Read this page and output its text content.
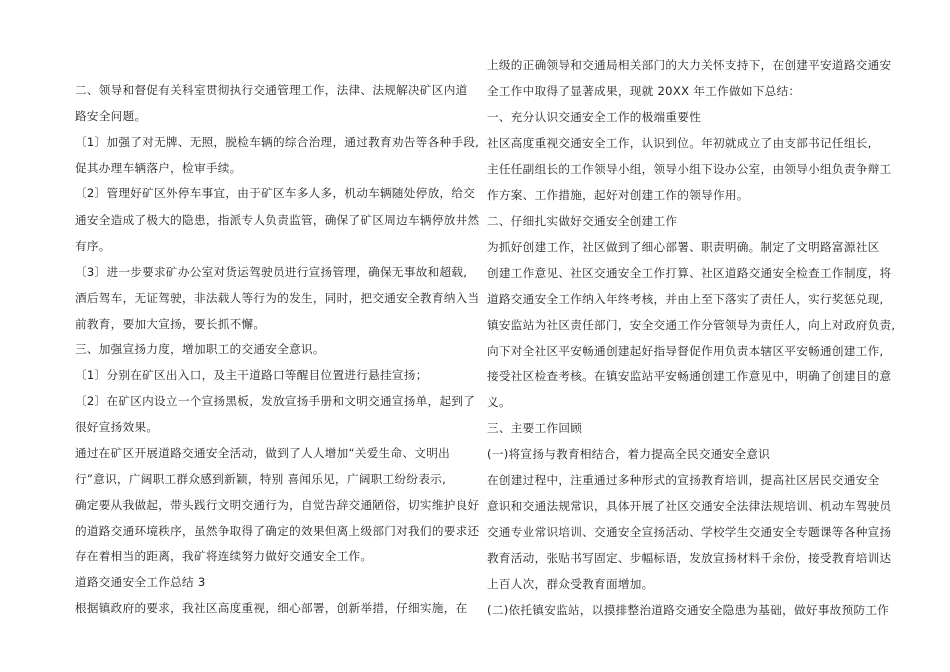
二、领导和督促有关科室贯彻执行交通管理工作，法律、法规解决矿区内道
路安全问题。
〔1〕加强了对无牌、无照，脱检车辆的综合治理，通过教育劝告等各种手段,
促其办理车辆落户，检审手续。
〔2〕管理好矿区外停车事宜，由于矿区车多人多，机动车辆随处停放，给交
通安全造成了极大的隐患，指派专人负责监管，确保了矿区周边车辆停放井然
有序。
〔3〕进一步要求矿办公室对货运驾驶员进行宣扬管理，确保无事故和超载,
酒后驾车，无证驾驶，非法载人等行为的发生，同时，把交通安全教育纳入当
前教育，要加大宣扬，要长抓不懈。
三、加强宣扬力度，增加职工的交通安全意识。
〔1〕分别在矿区出入口，及主干道路口等醒目位置进行悬挂宣扬；
〔2〕在矿区内设立一个宣扬黑板，发放宣扬手册和文明交通宣扬单，起到了
很好宣扬效果。
通过在矿区开展道路交通安全活动，做到了人人增加“关爱生命、文明出
行”意识，广阔职工群众感到新颖，特别 喜闻乐见，广阔职工纷纷表示,
确定要从我做起，带头践行文明交通行为，自觉告辞交通陋俗，切实维护良好
的道路交通环境秩序，虽然争取得了确定的效果但离上级部门对我们的要求还
存在着相当的距离，我矿将连续努力做好交通安全工作。
道路交通安全工作总结 3
根据镇政府的要求，我社区高度重视，细心部署，创新举措，仔细实施，在
上级的正确领导和交通局相关部门的大力关怀支持下，在创建平安道路交通安
全工作中取得了显著成果，现就 20XX 年工作做如下总结：
一、充分认识交通安全工作的极端重要性
社区高度重视交通安全工作，认识到位。年初就成立了由支部书记任组长,
主任任副组长的工作领导小组，领导小组下设办公室，由领导小组负责争辩工
作方案、工作措施，起好对创建工作的领导作用。
二、仔细扎实做好交通安全创建工作
为抓好创建工作，社区做到了细心部署、职责明确。制定了文明路富源社区
创建工作意见、社区交通安全工作打算、社区道路交通安全检查工作制度，将
道路交通安全工作纳入年终考核，并由上至下落实了责任人，实行奖惩兑现,
镇安监站为社区责任部门，安全交通工作分管领导为责任人，向上对政府负责,
向下对全社区平安畅通创建起好指导督促作用负责本辖区平安畅通创建工作,
接受社区检查考核。在镇安监站平安畅通创建工作意见中，明确了创建目的意
义。
三、主要工作回顾
(一)将宣扬与教育相结合，着力提高全民交通安全意识
在创建过程中，注重通过多种形式的宣扬教育培训，提高社区居民交通安全
意识和交通法规常识，具体开展了社区交通安全法律法规培训、机动车驾驶员
交通专业常识培训、交通安全宣扬活动、学校学生交通安全专题课等各种宣扬
教育活动，张贴书写固定、步幅标语，发放宣扬材料千余份，接受教育培训达
上百人次，群众受教育面增加。
(二)依托镇安监站，以摸排整治道路交通安全隐患为基础，做好事故预防工作
